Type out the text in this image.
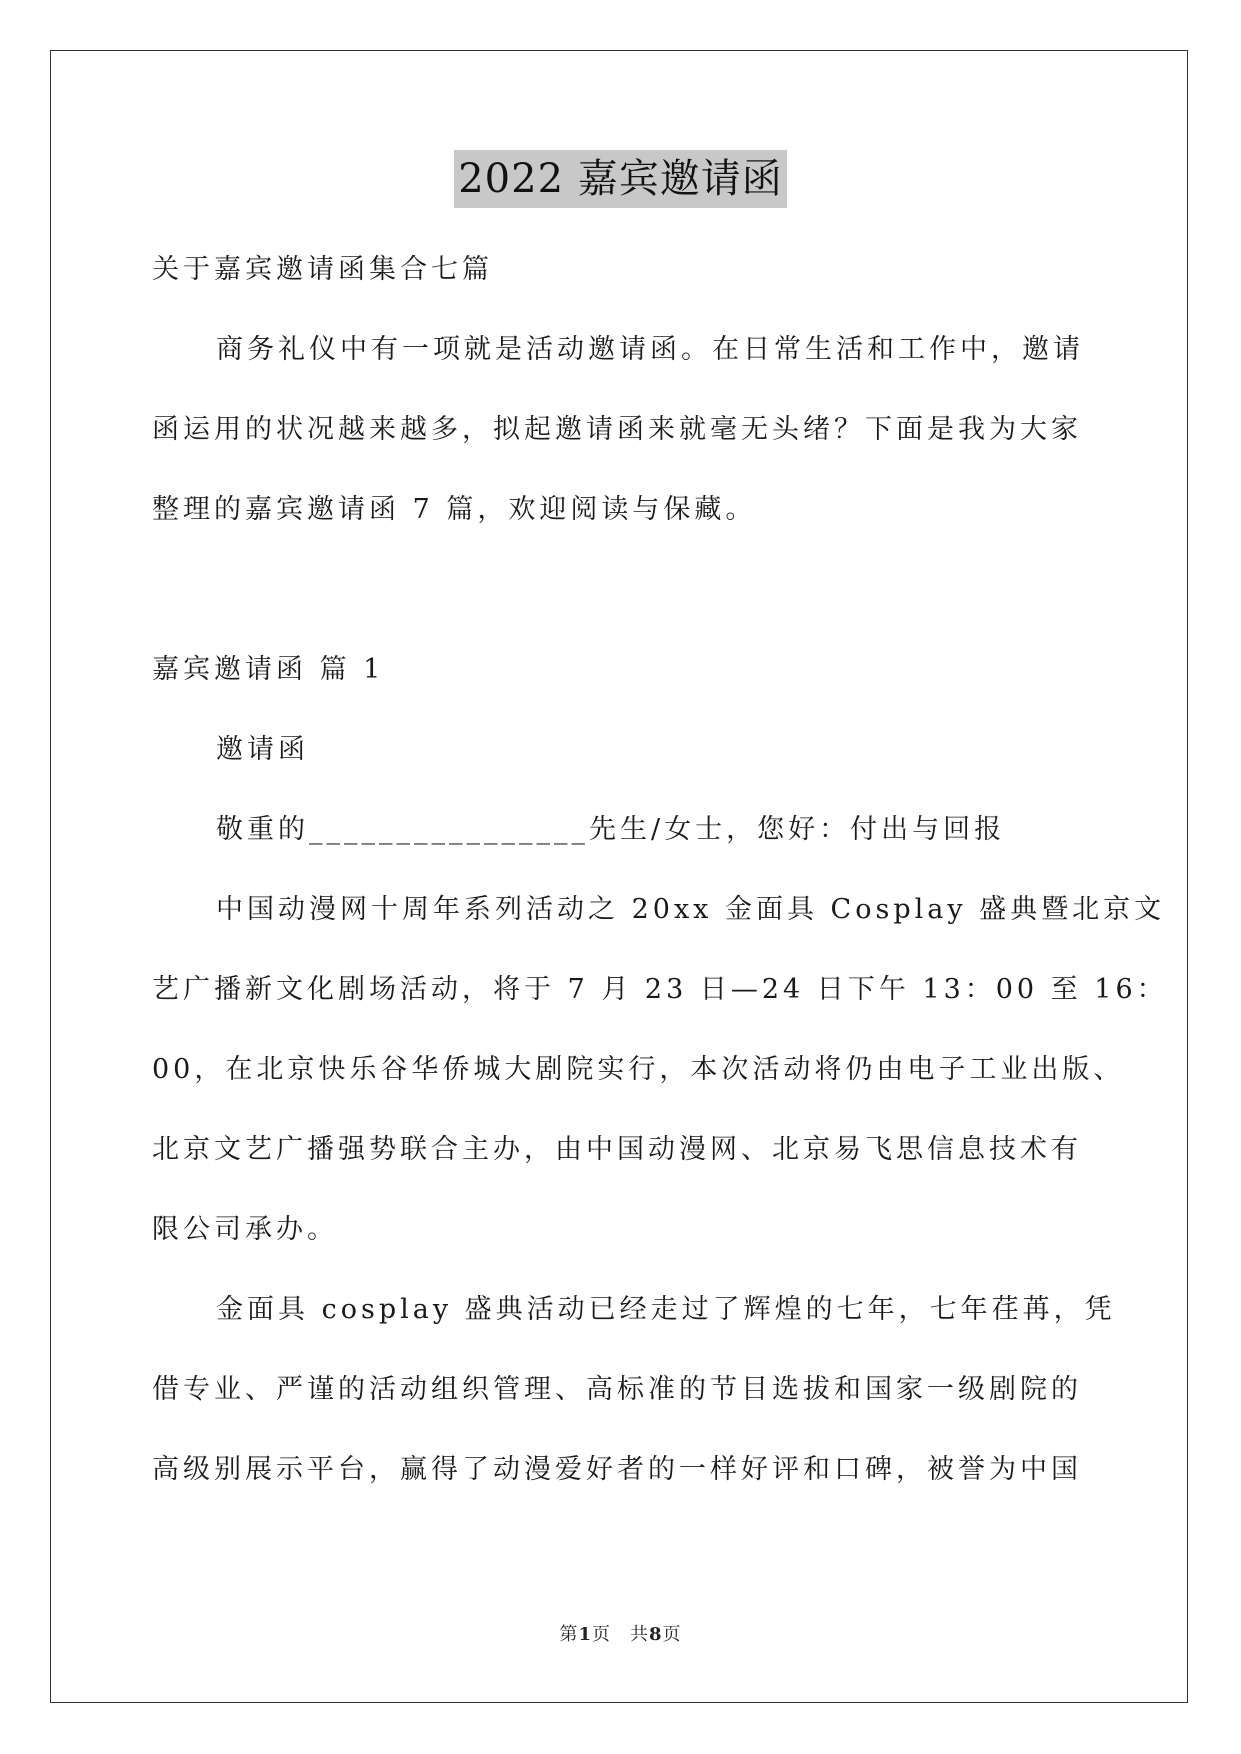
2022 嘉宾邀请函
关于嘉宾邀请函集合七篇
商务礼仪中有一项就是活动邀请函。在日常生活和工作中，邀请
函运用的状况越来越多，拟起邀请函来就毫无头绪？下面是我为大家
整理的嘉宾邀请函 7 篇，欢迎阅读与保藏。
嘉宾邀请函 篇 1
邀请函
敬重的________________先生/女士，您好：付出与回报
中国动漫网十周年系列活动之 20xx 金面具 Cosplay 盛典暨北京文
艺广播新文化剧场活动，将于 7 月 23 日—24 日下午 13：00 至 16：
00，在北京快乐谷华侨城大剧院实行，本次活动将仍由电子工业出版、
北京文艺广播强势联合主办，由中国动漫网、北京易飞思信息技术有
限公司承办。
金面具 cosplay 盛典活动已经走过了辉煌的七年，七年荏苒，凭
借专业、严谨的活动组织管理、高标准的节目选拔和国家一级剧院的
高级别展示平台，赢得了动漫爱好者的一样好评和口碑，被誉为中国
第1页　共8页
